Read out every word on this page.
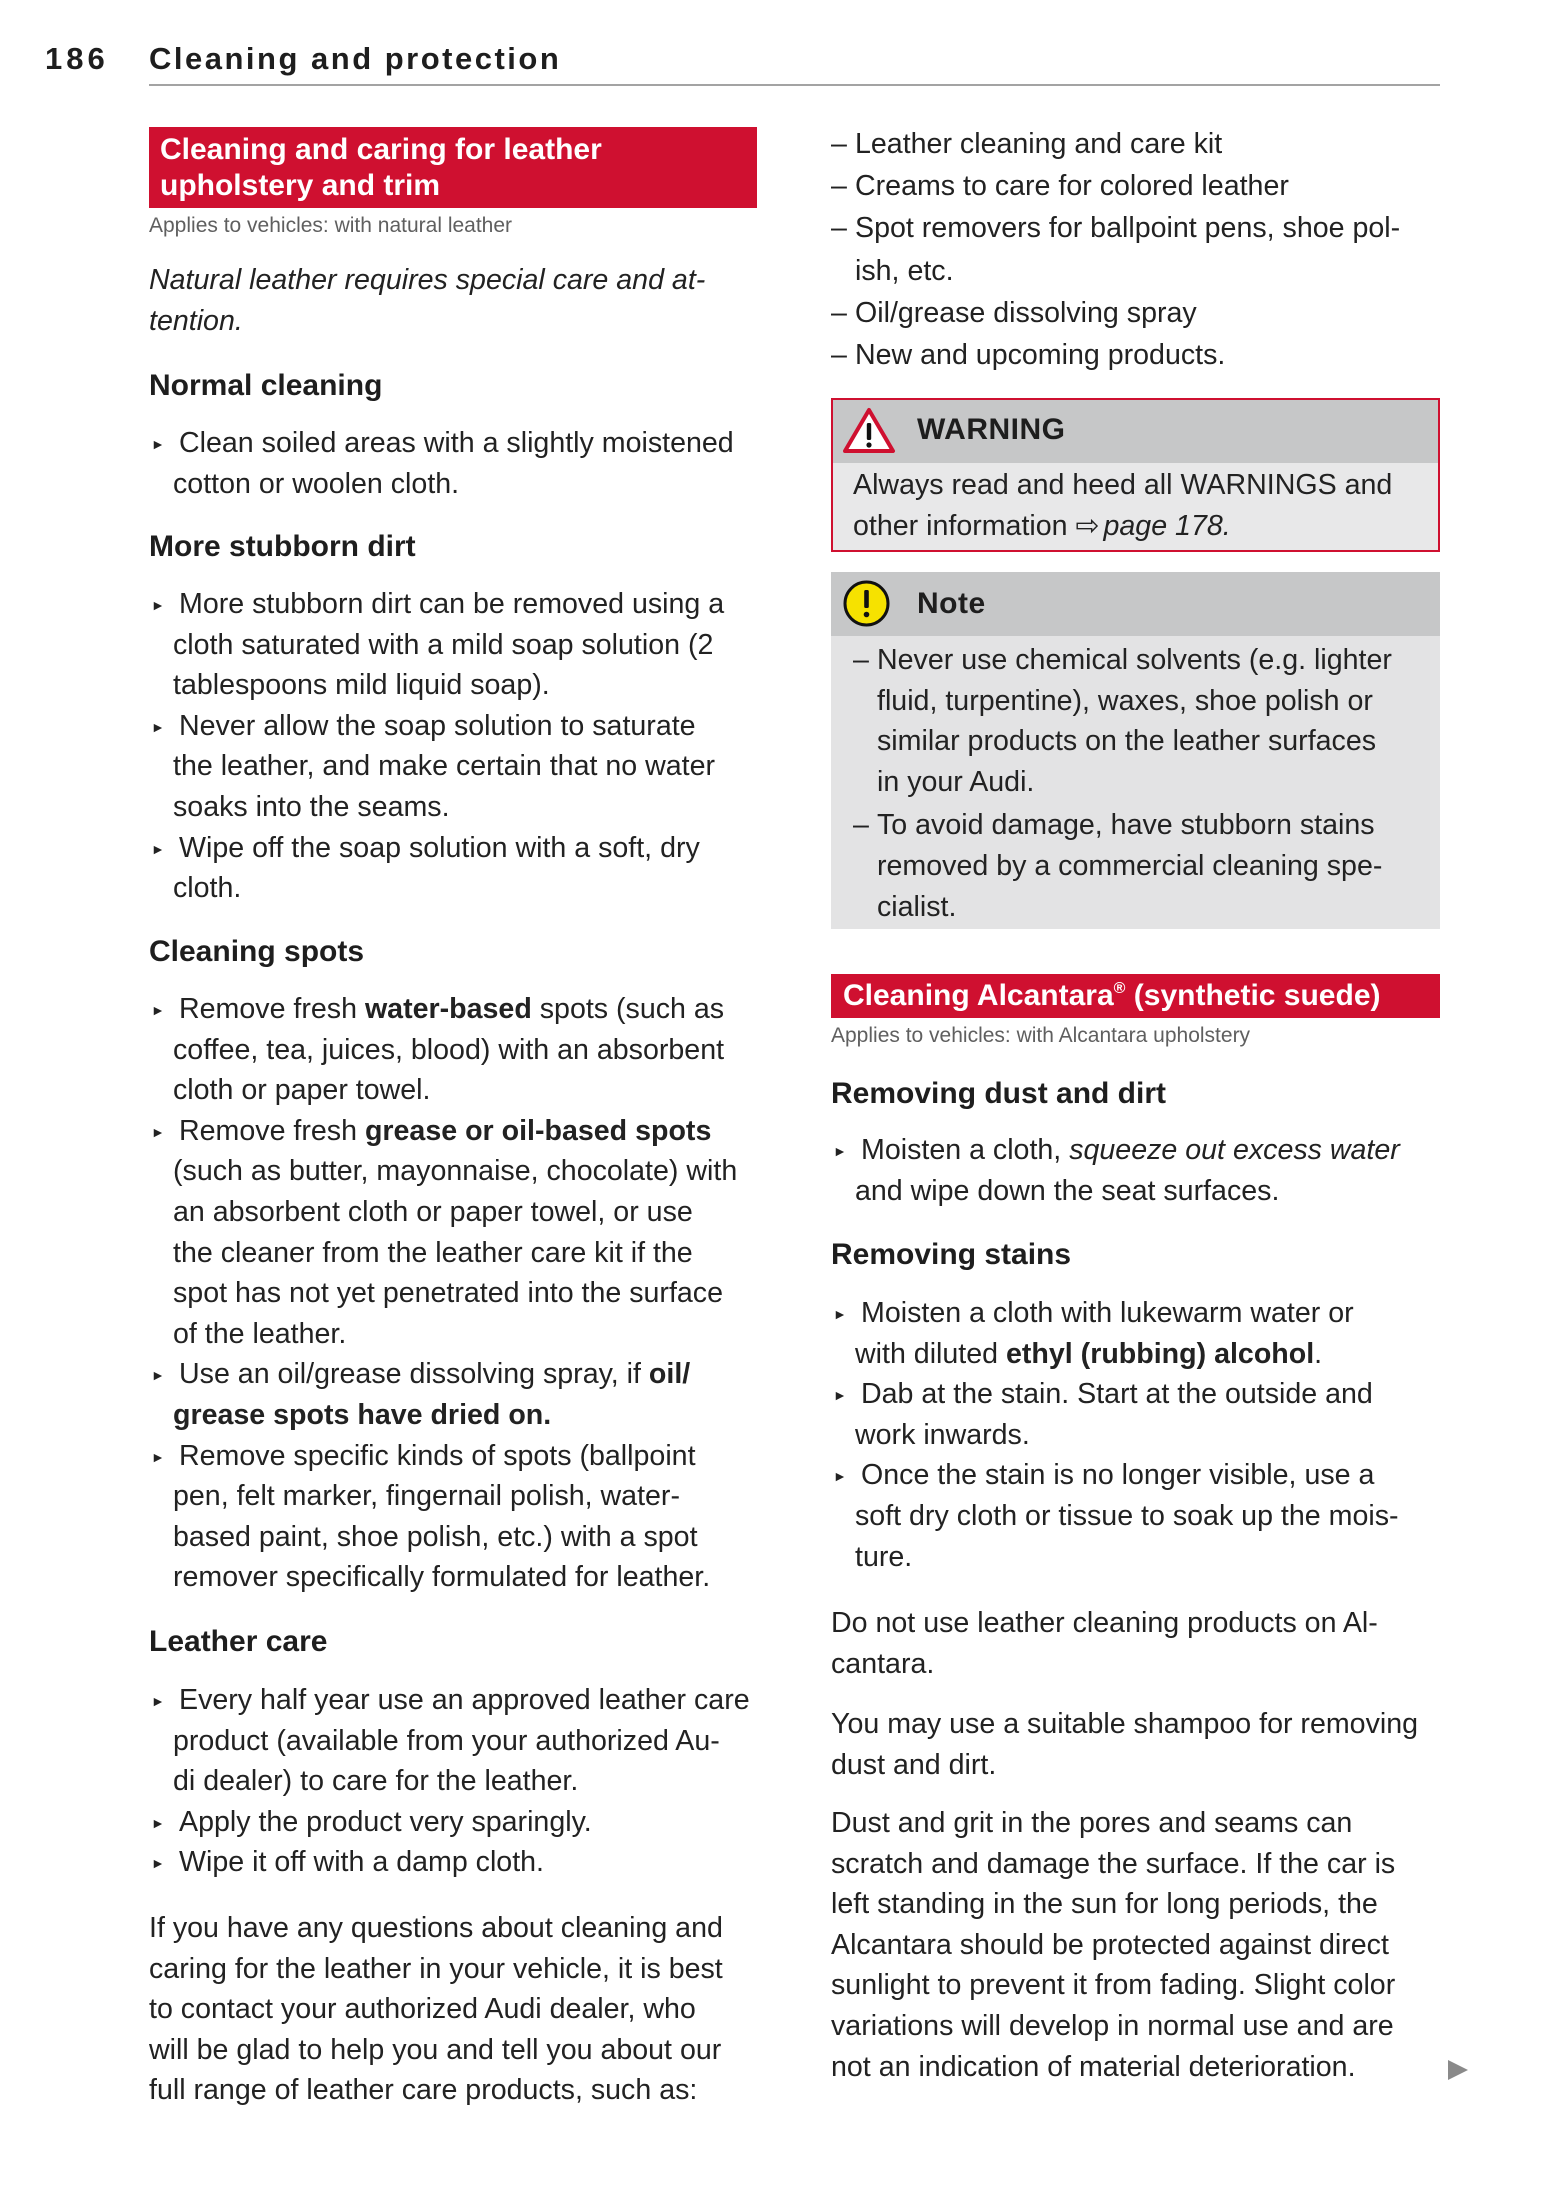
186 Cleaning and protection
Cleaning and caring for leather
upholstery and trim
Applies to vehicles: with natural leather
Natural leather requires special care and at-
tention.
Normal cleaning
► Clean soiled areas with a slightly moistened
cotton or woolen cloth.
More stubborn dirt
► More stubborn dirt can be removed using a
cloth saturated with a mild soap solution (2
tablespoons mild liquid soap).
► Never allow the soap solution to saturate
the leather, and make certain that no water
soaks into the seams.
► Wipe off the soap solution with a soft, dry
cloth.
Cleaning spots
► Remove fresh water-based spots (such as
coffee, tea, juices, blood) with an absorbent
cloth or paper towel.
► Remove fresh grease or oil-based spots
(such as butter, mayonnaise, chocolate) with
an absorbent cloth or paper towel, or use
the cleaner from the leather care kit if the
spot has not yet penetrated into the surface
of the leather.
► Use an oil/grease dissolving spray, if oil/
grease spots have dried on.
► Remove specific kinds of spots (ballpoint
pen, felt marker, fingernail polish, water-
based paint, shoe polish, etc.) with a spot
remover specifically formulated for leather.
Leather care
► Every half year use an approved leather care
product (available from your authorized Au-
di dealer) to care for the leather.
► Apply the product very sparingly.
► Wipe it off with a damp cloth.
If you have any questions about cleaning and
caring for the leather in your vehicle, it is best
to contact your authorized Audi dealer, who
will be glad to help you and tell you about our
full range of leather care products, such as:
– Leather cleaning and care kit
– Creams to care for colored leather
– Spot removers for ballpoint pens, shoe pol-
ish, etc.
– Oil/grease dissolving spray
– New and upcoming products.
WARNING
Always read and heed all WARNINGS and
other information ⇨ page 178.
Note
– Never use chemical solvents (e.g. lighter
fluid, turpentine), waxes, shoe polish or
similar products on the leather surfaces
in your Audi.
– To avoid damage, have stubborn stains
removed by a commercial cleaning spe-
cialist.
Cleaning Alcantara® (synthetic suede)
Applies to vehicles: with Alcantara upholstery
Removing dust and dirt
► Moisten a cloth, squeeze out excess water
and wipe down the seat surfaces.
Removing stains
► Moisten a cloth with lukewarm water or
with diluted ethyl (rubbing) alcohol.
► Dab at the stain. Start at the outside and
work inwards.
► Once the stain is no longer visible, use a
soft dry cloth or tissue to soak up the mois-
ture.
Do not use leather cleaning products on Al-
cantara.
You may use a suitable shampoo for removing
dust and dirt.
Dust and grit in the pores and seams can
scratch and damage the surface. If the car is
left standing in the sun for long periods, the
Alcantara should be protected against direct
sunlight to prevent it from fading. Slight color
variations will develop in normal use and are
not an indication of material deterioration.
